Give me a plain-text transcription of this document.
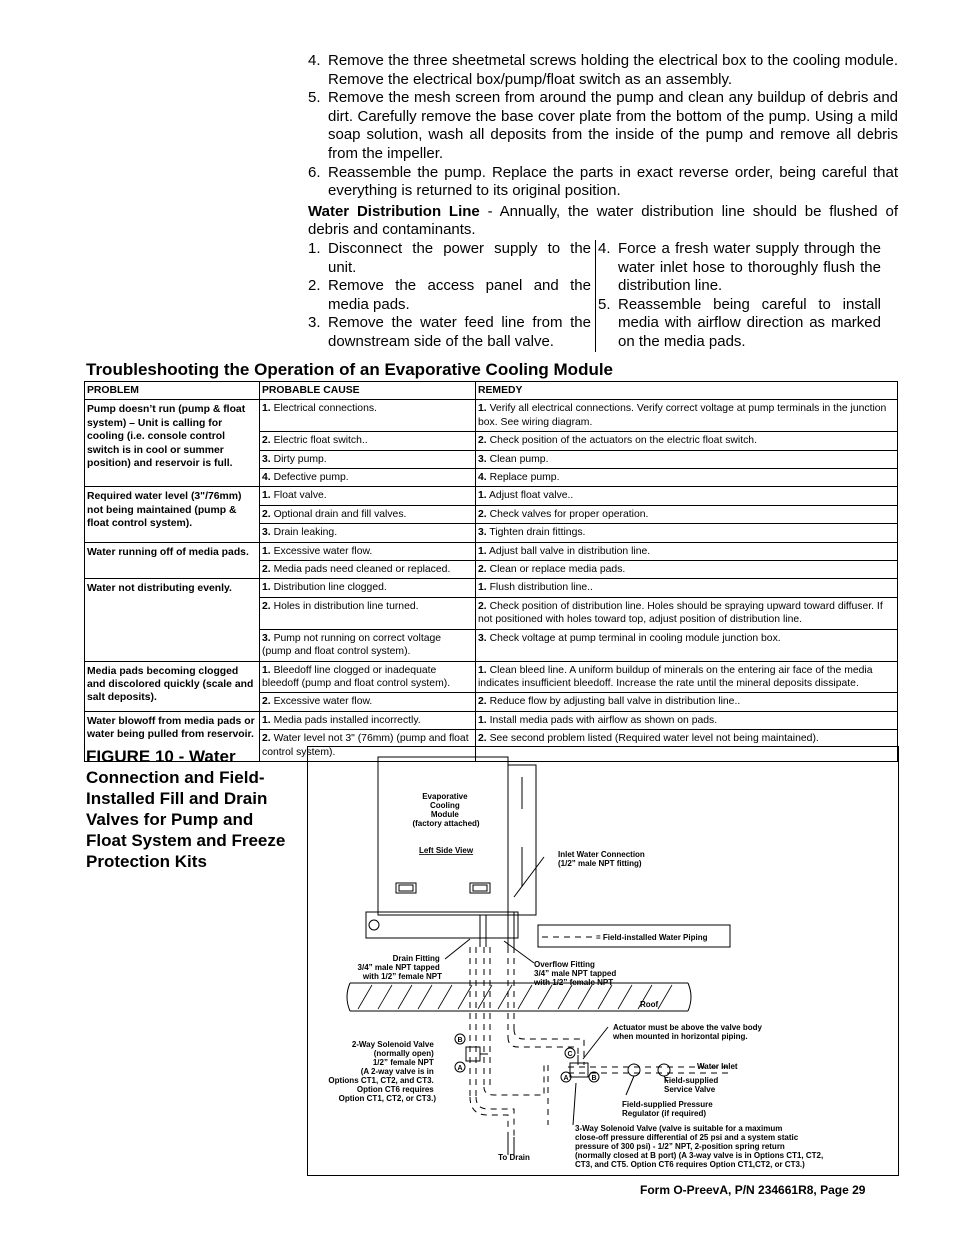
4. Remove the three sheetmetal screws holding the electrical box to the cooling module. Remove the electrical box/pump/float switch as an assembly.
5. Remove the mesh screen from around the pump and clean any buildup of debris and dirt. Carefully remove the base cover plate from the bottom of the pump. Using a mild soap solution, wash all deposits from the inside of the pump and remove all debris from the impeller.
6. Reassemble the pump. Replace the parts in exact reverse order, being careful that everything is returned to its original position.
Water Distribution Line - Annually, the water distribution line should be flushed of debris and contaminants.
1. Disconnect the power supply to the unit.
2. Remove the access panel and the media pads.
3. Remove the water feed line from the downstream side of the ball valve.
4. Force a fresh water supply through the water inlet hose to thoroughly flush the distribution line.
5. Reassemble being careful to install media with airflow direction as marked on the media pads.
Troubleshooting the Operation of an Evaporative Cooling Module
PROBLEM	PROBABLE CAUSE	REMEDY
Pump doesn’t run (pump & float system) – Unit is calling for cooling (i.e. console control switch is in cool or summer position) and reservoir is full.	1. Electrical connections.	1. Verify all electrical connections. Verify correct voltage at pump terminals in the junction box. See wiring diagram.
	2. Electric float switch..	2. Check position of the actuators on the electric float switch.
	3. Dirty pump.	3. Clean pump.
	4. Defective pump.	4. Replace pump.
Required water level (3"/76mm) not being maintained (pump & float control system).	1. Float valve.	1. Adjust float valve..
	2. Optional drain and fill valves.	2. Check valves for proper operation.
	3. Drain leaking.	3. Tighten drain fittings.
Water running off of media pads.	1. Excessive water flow.	1. Adjust ball valve in distribution line.
	2. Media pads need cleaned or replaced.	2. Clean or replace media pads.
Water not distributing evenly.	1. Distribution line clogged.	1. Flush distribution line..
	2. Holes in distribution line turned.	2. Check position of distribution line. Holes should be spraying upward toward diffuser. If not positioned with holes toward top, adjust position of distribution line.
	3. Pump not running on correct voltage (pump and float control system).	3. Check voltage at pump terminal in cooling module junction box.
Media pads becoming clogged and discolored quickly (scale and salt deposits).	1. Bleedoff line clogged or inadequate bleedoff (pump and float control system).	1. Clean bleed line. A uniform buildup of minerals on the entering air face of the media indicates insufficient bleedoff. Increase the rate until the mineral deposits dissipate.
	2. Excessive water flow.	2. Reduce flow by adjusting ball valve in distribution line..
Water blowoff from media pads or water being pulled from reservoir.	1. Media pads installed incorrectly.	1. Install media pads with airflow as shown on pads.
	2. Water level not 3" (76mm) (pump and float control system).	2. See second problem listed (Required water level not being maintained).
FIGURE 10 - Water Connection and Field-Installed Fill and Drain Valves for Pump and Float System and Freeze Protection Kits
Evaporative Cooling Module (factory attached)
Left Side View	Inlet Water Connection (1/2” male NPT fitting)
= Field-installed Water Piping
Drain Fitting 3/4” male NPT tapped with 1/2” female NPT
Overflow Fitting 3/4” male NPT tapped with 1/2” female NPT
Roof
Actuator must be above the valve body when mounted in horizontal piping.
2-Way Solenoid Valve (normally open) 1/2” female NPT (A 2-way valve is in Options CT1, CT2, and CT3. Option CT6 requires Option CT1, CT2, or CT3.)
Water Inlet
Field-supplied Service Valve
Field-supplied Pressure Regulator (if required)
3-Way Solenoid Valve (valve is suitable for a maximum close-off pressure differential of 25 psi and a system static pressure of 300 psi) - 1/2” NPT, 2-position spring return (normally closed at B port) (A 3-way valve is in Options CT1, CT2, CT3, and CT5. Option CT6 requires Option CT1,CT2, or CT3.)
To Drain
B
A
C
A	B
Form O-PreevA, P/N 234661R8, Page 29
